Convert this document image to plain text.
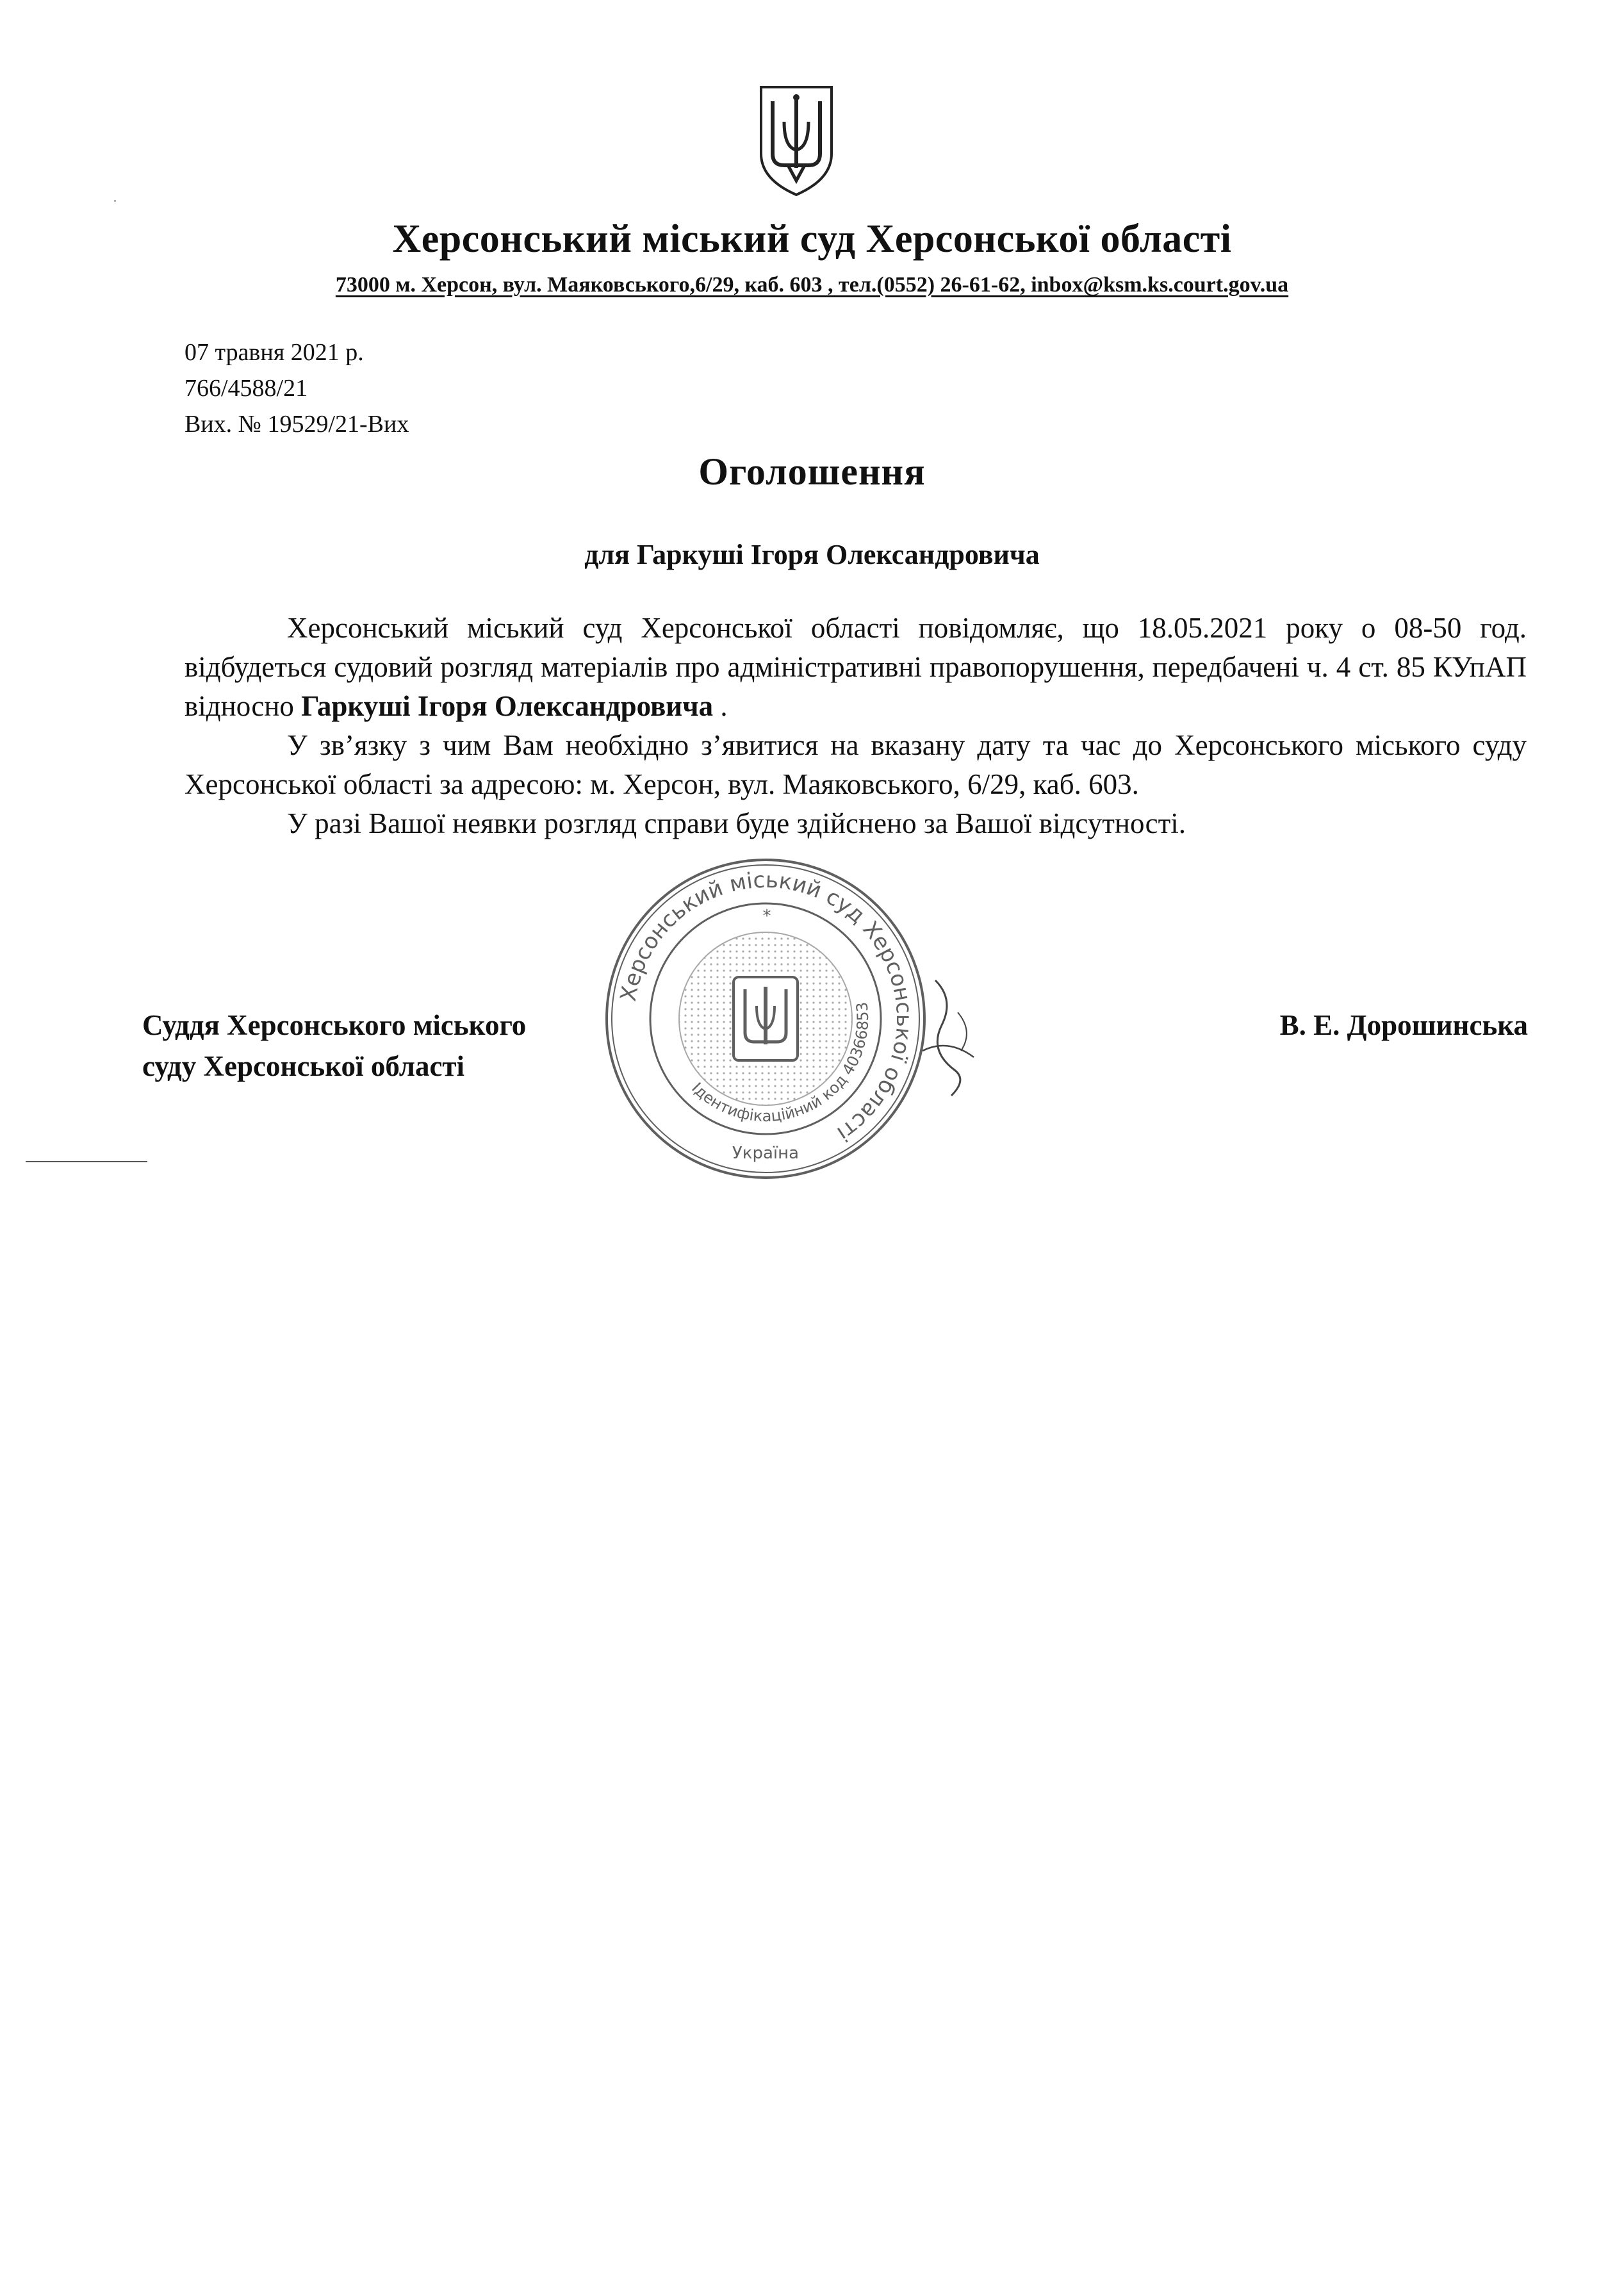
Херсонський міський суд Херсонської області
73000 м. Херсон, вул. Маяковського,6/29, каб. 603 , тел.(0552) 26-61-62, inbox@ksm.ks.court.gov.ua
07 травня 2021 р.
766/4588/21
Вих. № 19529/21-Вих
Оголошення
для Гаркуші Ігоря Олександровича

Херсонський міський суд Херсонської області повідомляє, що 18.05.2021 року о 08-50 год. відбудеться судовий розгляд матеріалів про адміністративні правопорушення, передбачені ч. 4 ст. 85 КУпАП відносно Гаркуші Ігоря Олександровича .

У зв’язку з чим Вам необхідно з’явитися на вказану дату та час до Херсонського міського суду Херсонської області за адресою: м. Херсон, вул. Маяковського, 6/29, каб. 603.

У разі Вашої неявки розгляд справи буде здійснено за Вашої відсутності.

Суддя Херсонського міського
суду Херсонської області
В. Е. Дорошинська
Херсонський міський суд Херсонської області
Ідентифікаційний код 40366853
Україна
*
